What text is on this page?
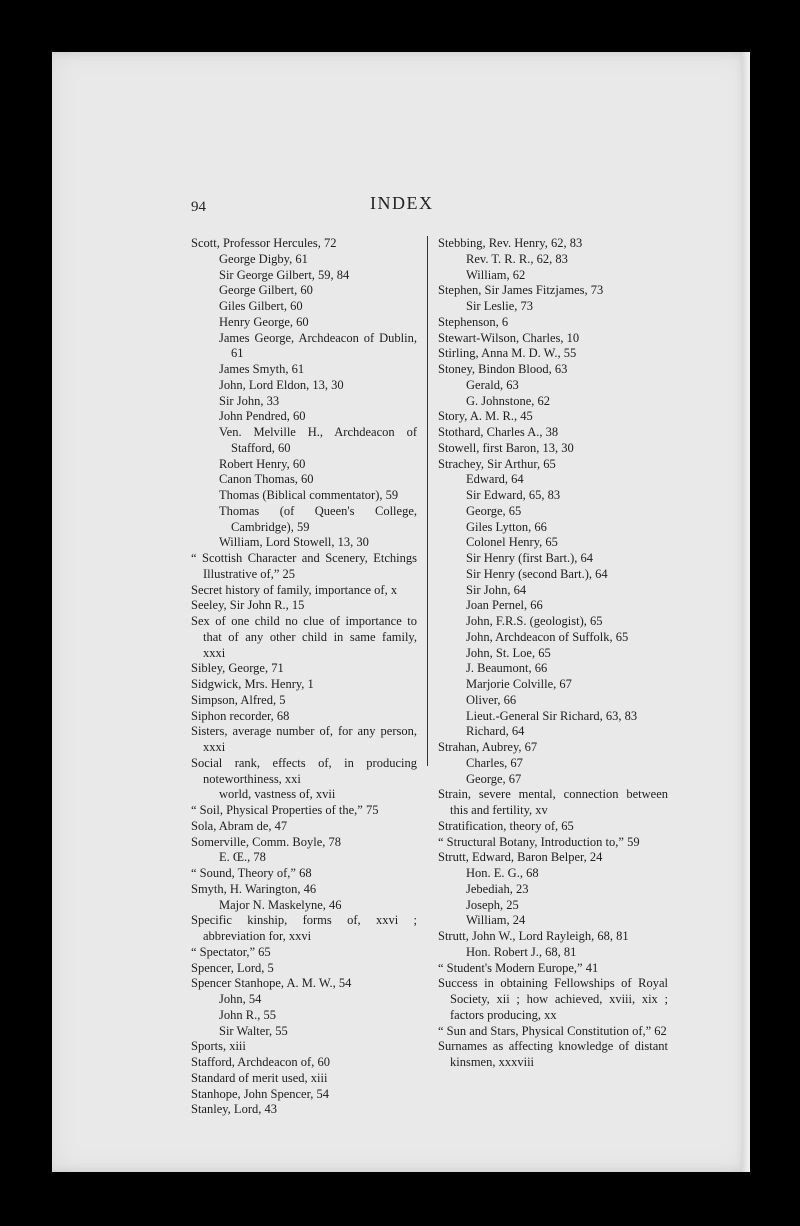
94	INDEX
Scott, Professor Hercules, 72
George Digby, 61
Sir George Gilbert, 59, 84
George Gilbert, 60
Giles Gilbert, 60
Henry George, 60
James George, Archdeacon of Dublin, 61
James Smyth, 61
John, Lord Eldon, 13, 30
Sir John, 33
John Pendred, 60
Ven. Melville H., Archdeacon of Stafford, 60
Robert Henry, 60
Canon Thomas, 60
Thomas (Biblical commentator), 59
Thomas (of Queen's College, Cambridge), 59
William, Lord Stowell, 13, 30
“ Scottish Character and Scenery, Etchings Illustrative of,” 25
Secret history of family, importance of, x
Seeley, Sir John R., 15
Sex of one child no clue of importance to that of any other child in same family, xxxi
Sibley, George, 71
Sidgwick, Mrs. Henry, 1
Simpson, Alfred, 5
Siphon recorder, 68
Sisters, average number of, for any person, xxxi
Social rank, effects of, in producing noteworthiness, xxi
world, vastness of, xvii
“ Soil, Physical Properties of the,” 75
Sola, Abram de, 47
Somerville, Comm. Boyle, 78
E. Œ., 78
“ Sound, Theory of,” 68
Smyth, H. Warington, 46
Major N. Maskelyne, 46
Specific kinship, forms of, xxvi ; abbreviation for, xxvi
“ Spectator,” 65
Spencer, Lord, 5
Spencer Stanhope, A. M. W., 54
John, 54
John R., 55
Sir Walter, 55
Sports, xiii
Stafford, Archdeacon of, 60
Standard of merit used, xiii
Stanhope, John Spencer, 54
Stanley, Lord, 43
Stebbing, Rev. Henry, 62, 83
Rev. T. R. R., 62, 83
William, 62
Stephen, Sir James Fitzjames, 73
Sir Leslie, 73
Stephenson, 6
Stewart-Wilson, Charles, 10
Stirling, Anna M. D. W., 55
Stoney, Bindon Blood, 63
Gerald, 63
G. Johnstone, 62
Story, A. M. R., 45
Stothard, Charles A., 38
Stowell, first Baron, 13, 30
Strachey, Sir Arthur, 65
Edward, 64
Sir Edward, 65, 83
George, 65
Giles Lytton, 66
Colonel Henry, 65
Sir Henry (first Bart.), 64
Sir Henry (second Bart.), 64
Sir John, 64
Joan Pernel, 66
John, F.R.S. (geologist), 65
John, Archdeacon of Suffolk, 65
John, St. Loe, 65
J. Beaumont, 66
Marjorie Colville, 67
Oliver, 66
Lieut.-General Sir Richard, 63, 83
Richard, 64
Strahan, Aubrey, 67
Charles, 67
George, 67
Strain, severe mental, connection between this and fertility, xv
Stratification, theory of, 65
“ Structural Botany, Introduction to,” 59
Strutt, Edward, Baron Belper, 24
Hon. E. G., 68
Jebediah, 23
Joseph, 25
William, 24
Strutt, John W., Lord Rayleigh, 68, 81
Hon. Robert J., 68, 81
“ Student's Modern Europe,” 41
Success in obtaining Fellowships of Royal Society, xii ; how achieved, xviii, xix ; factors producing, xx
“ Sun and Stars, Physical Constitution of,” 62
Surnames as affecting knowledge of distant kinsmen, xxxviii
